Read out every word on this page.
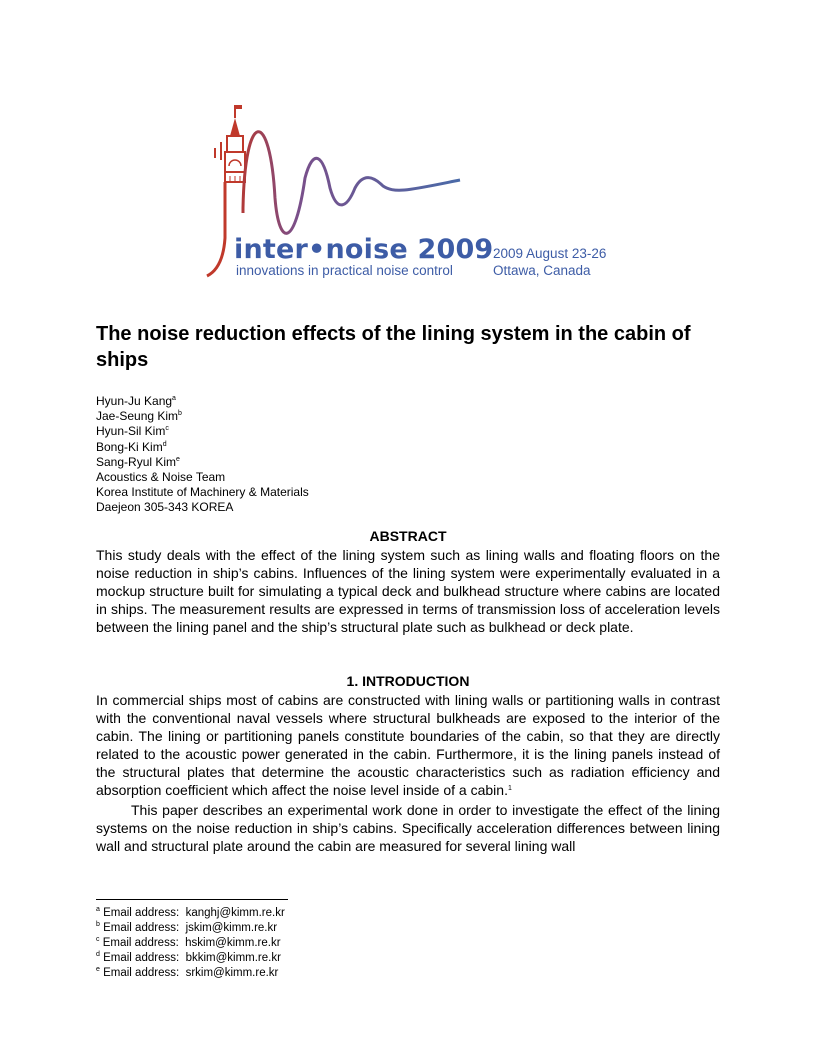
inter•noise 2009
innovations in practical noise control
2009 August 23-26
Ottawa, Canada
The noise reduction effects of the lining system in the cabin of ships
Hyun-Ju Kang$^a$
Jae-Seung Kim$^b$
Hyun-Sil Kim$^c$
Bong-Ki Kim$^d$
Sang-Ryul Kim$^e$
Acoustics & Noise Team
Korea Institute of Machinery & Materials
Daejeon 305-343 KOREA
ABSTRACT

This study deals with the effect of the lining system such as lining walls and floating floors on the noise reduction in ship’s cabins. Influences of the lining system were experimentally evaluated in a mockup structure built for simulating a typical deck and bulkhead structure where cabins are located in ships. The measurement results are expressed in terms of transmission loss of acceleration levels between the lining panel and the ship’s structural plate such as bulkhead or deck plate.

1. INTRODUCTION

In commercial ships most of cabins are constructed with lining walls or partitioning walls in contrast with the conventional naval vessels where structural bulkheads are exposed to the interior of the cabin. The lining or partitioning panels constitute boundaries of the cabin, so that they are directly related to the acoustic power generated in the cabin. Furthermore, it is the lining panels instead of the structural plates that determine the acoustic characteristics such as radiation efficiency and absorption coefficient which affect the noise level inside of a cabin.$^1$

This paper describes an experimental work done in order to investigate the effect of the lining systems on the noise reduction in ship’s cabins. Specifically acceleration differences between lining wall and structural plate around the cabin are measured for several lining wall

$^a$ Email address: kanghj@kimm.re.kr
$^b$ Email address: jskim@kimm.re.kr
$^c$ Email address: hskim@kimm.re.kr
$^d$ Email address: bkkim@kimm.re.kr
$^e$ Email address: srkim@kimm.re.kr
